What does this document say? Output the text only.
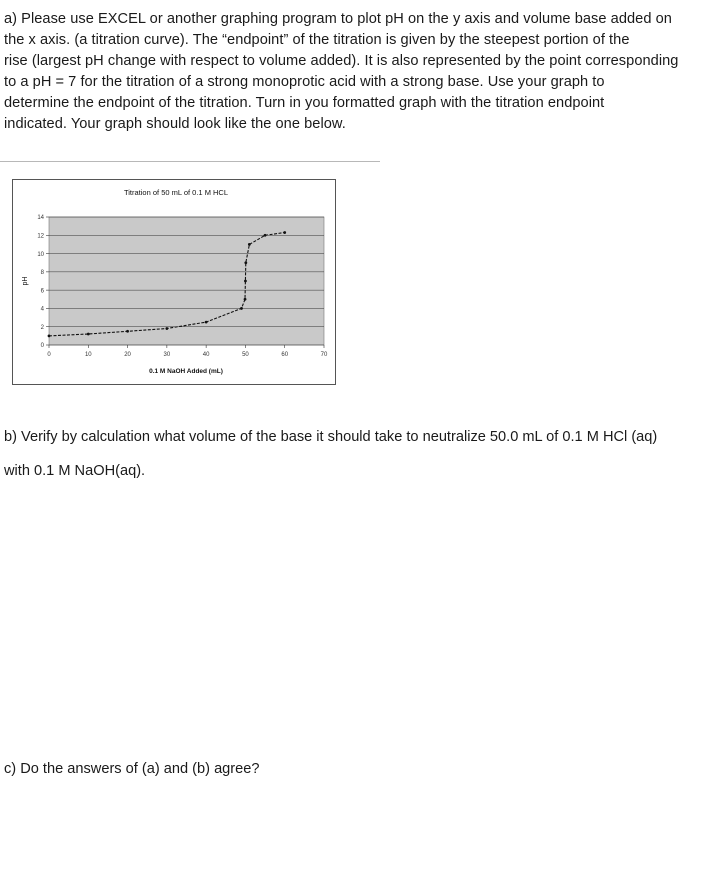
a) Please use EXCEL or another graphing program to plot pH on the y axis and volume base added on
the x axis. (a titration curve). The “endpoint” of the titration is given by the steepest portion of the
rise (largest pH change with respect to volume added). It is also represented by the point corresponding
to a pH = 7 for the titration of a strong monoprotic acid with a strong base. Use your graph to
determine the endpoint of the titration. Turn in you formatted graph with the titration endpoint
indicated. Your graph should look like the one below.

0
2
4
6
8
10
12
14
0	10	20	30	40	50	60	70
Titration of 50 mL of 0.1 M HCL
0.1 M NaOH Added (mL)
pH

b) Verify by calculation what volume of the base it should take to neutralize 50.0 mL of 0.1 M HCl (aq)
with 0.1 M NaOH(aq).

c) Do the answers of (a) and (b) agree?
